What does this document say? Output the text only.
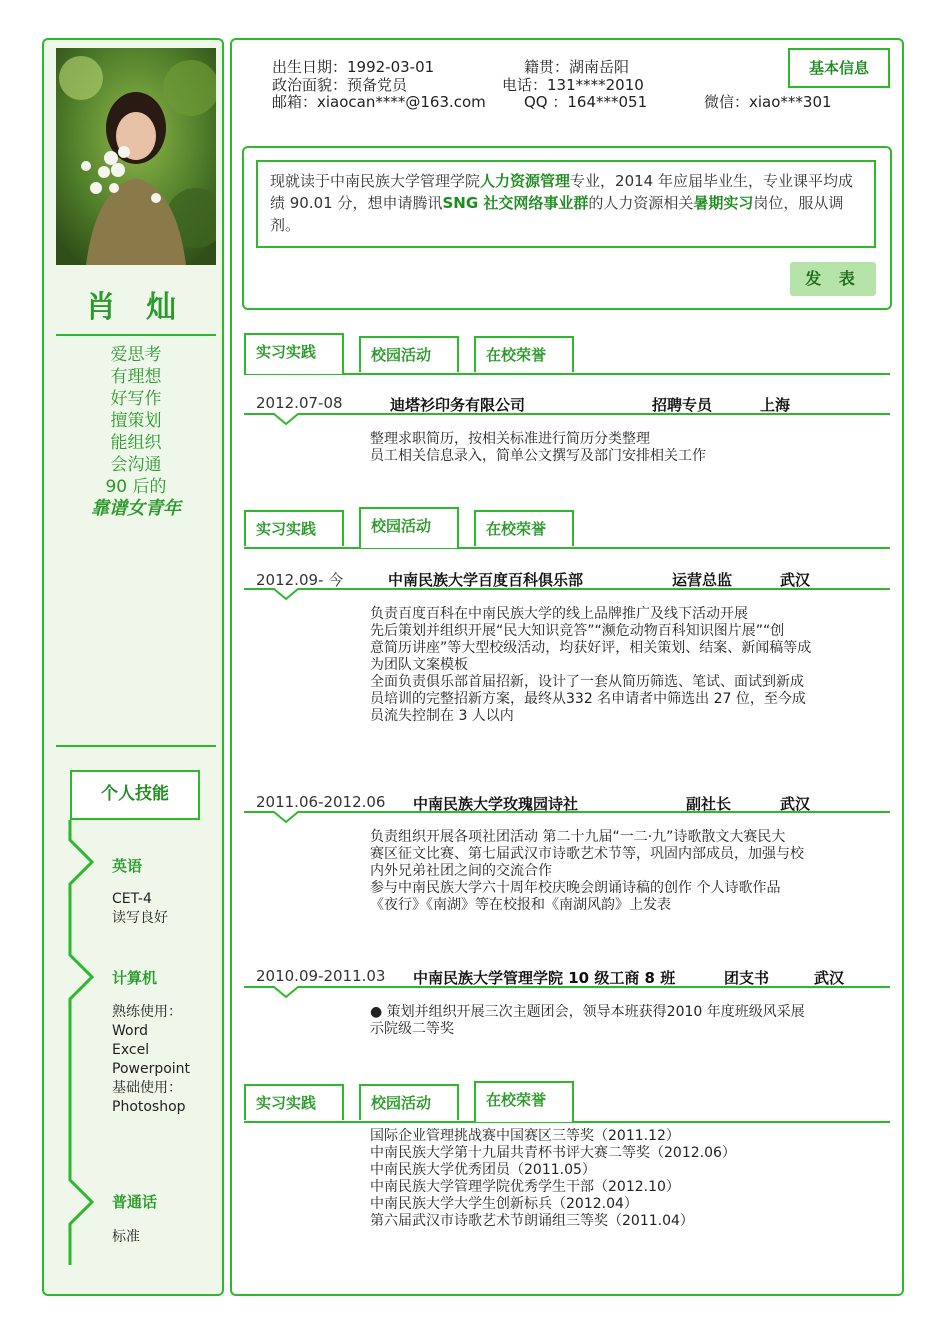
肖 灿
爱思考
有理想
好写作
擅策划
能组织
会沟通
90 后的
靠谱女青年
个人技能
英语
CET-4
读写良好
计算机
熟练使用：
Word
Excel
Powerpoint
基础使用：
Photoshop
普通话
标准
出生日期：1992-03-01	籍贯：湖南岳阳
政治面貌：预备党员	电话：131****2010
邮箱：xiaocan****@163.com	QQ ：164***051	微信：xiao***301
基本信息
现就读于中南民族大学管理学院人力资源管理专业，2014 年应届毕业生，专业课平均成绩 90.01 分，想申请腾讯SNG 社交网络事业群的人力资源相关暑期实习岗位，服从调剂。
发 表
实习实践	校园活动	在校荣誉
2012.07-08	迪塔衫印务有限公司	招聘专员	上海
整理求职简历，按相关标准进行简历分类整理
员工相关信息录入，简单公文撰写及部门安排相关工作
实习实践	校园活动	在校荣誉
2012.09- 今	中南民族大学百度百科俱乐部	运营总监	武汉
负责百度百科在中南民族大学的线上品牌推广及线下活动开展
先后策划并组织开展“民大知识竞答”“濒危动物百科知识图片展”“创
意简历讲座”等大型校级活动，均获好评，相关策划、结案、新闻稿等成
为团队文案模板
全面负责俱乐部首届招新，设计了一套从简历筛选、笔试、面试到新成
员培训的完整招新方案，最终从332 名申请者中筛选出 27 位，至今成
员流失控制在 3 人以内
2011.06-2012.06 中南民族大学玫瑰园诗社	副社长	武汉
负责组织开展各项社团活动 第二十九届“一二·九”诗歌散文大赛民大
赛区征文比赛、第七届武汉市诗歌艺术节等，巩固内部成员，加强与校
内外兄弟社团之间的交流合作
参与中南民族大学六十周年校庆晚会朗诵诗稿的创作 个人诗歌作品
《夜行》《南湖》等在校报和《南湖风韵》上发表
2010.09-2011.03 中南民族大学管理学院 10 级工商 8 班	团支书	武汉
● 策划并组织开展三次主题团会，领导本班获得2010 年度班级风采展
示院级二等奖
实习实践	校园活动	在校荣誉
国际企业管理挑战赛中国赛区三等奖（2011.12）
中南民族大学第十九届共青杯书评大赛二等奖（2012.06）
中南民族大学优秀团员（2011.05）
中南民族大学管理学院优秀学生干部（2012.10）
中南民族大学大学生创新标兵（2012.04）
第六届武汉市诗歌艺术节朗诵组三等奖（2011.04）
